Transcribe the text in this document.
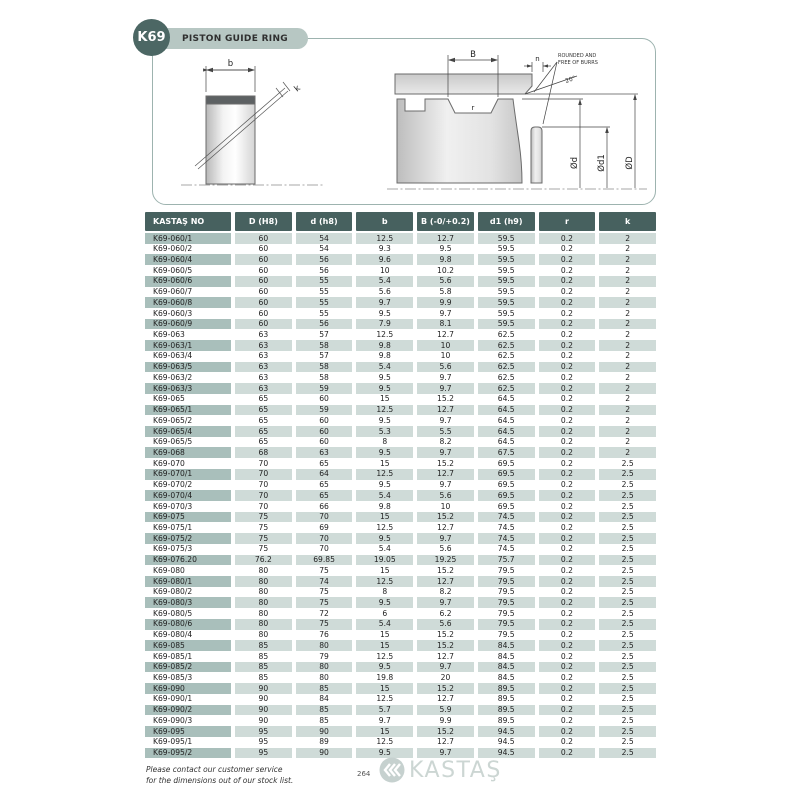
b
k
20°
r
B	n	ROUNDED AND
FREE OF BURRS
Ød Ød1 ØD
PISTON GUIDE RING
K69
KASTAŞ NO	D (H8)	d (h8)	b	B (-0/+0.2)	d1 (h9)	r	k
K69-060/1	60	54	12.5	12.7	59.5	0.2	2
K69-060/2	60	54	9.3	9.5	59.5	0.2	2
K69-060/4	60	56	9.6	9.8	59.5	0.2	2
K69-060/5	60	56	10	10.2	59.5	0.2	2
K69-060/6	60	55	5.4	5.6	59.5	0.2	2
K69-060/7	60	55	5.6	5.8	59.5	0.2	2
K69-060/8	60	55	9.7	9.9	59.5	0.2	2
K69-060/3	60	55	9.5	9.7	59.5	0.2	2
K69-060/9	60	56	7.9	8.1	59.5	0.2	2
K69-063	63	57	12.5	12.7	62.5	0.2	2
K69-063/1	63	58	9.8	10	62.5	0.2	2
K69-063/4	63	57	9.8	10	62.5	0.2	2
K69-063/5	63	58	5.4	5.6	62.5	0.2	2
K69-063/2	63	58	9.5	9.7	62.5	0.2	2
K69-063/3	63	59	9.5	9.7	62.5	0.2	2
K69-065	65	60	15	15.2	64.5	0.2	2
K69-065/1	65	59	12.5	12.7	64.5	0.2	2
K69-065/2	65	60	9.5	9.7	64.5	0.2	2
K69-065/4	65	60	5.3	5.5	64.5	0.2	2
K69-065/5	65	60	8	8.2	64.5	0.2	2
K69-068	68	63	9.5	9.7	67.5	0.2	2
K69-070	70	65	15	15.2	69.5	0.2	2.5
K69-070/1	70	64	12.5	12.7	69.5	0.2	2.5
K69-070/2	70	65	9.5	9.7	69.5	0.2	2.5
K69-070/4	70	65	5.4	5.6	69.5	0.2	2.5
K69-070/3	70	66	9.8	10	69.5	0.2	2.5
K69-075	75	70	15	15.2	74.5	0.2	2.5
K69-075/1	75	69	12.5	12.7	74.5	0.2	2.5
K69-075/2	75	70	9.5	9.7	74.5	0.2	2.5
K69-075/3	75	70	5.4	5.6	74.5	0.2	2.5
K69-076.20	76.2	69.85	19.05	19.25	75.7	0.2	2.5
K69-080	80	75	15	15.2	79.5	0.2	2.5
K69-080/1	80	74	12.5	12.7	79.5	0.2	2.5
K69-080/2	80	75	8	8.2	79.5	0.2	2.5
K69-080/3	80	75	9.5	9.7	79.5	0.2	2.5
K69-080/5	80	72	6	6.2	79.5	0.2	2.5
K69-080/6	80	75	5.4	5.6	79.5	0.2	2.5
K69-080/4	80	76	15	15.2	79.5	0.2	2.5
K69-085	85	80	15	15.2	84.5	0.2	2.5
K69-085/1	85	79	12.5	12.7	84.5	0.2	2.5
K69-085/2	85	80	9.5	9.7	84.5	0.2	2.5
K69-085/3	85	80	19.8	20	84.5	0.2	2.5
K69-090	90	85	15	15.2	89.5	0.2	2.5
K69-090/1	90	84	12.5	12.7	89.5	0.2	2.5
K69-090/2	90	85	5.7	5.9	89.5	0.2	2.5
K69-090/3	90	85	9.7	9.9	89.5	0.2	2.5
K69-095	95	90	15	15.2	94.5	0.2	2.5
K69-095/1	95	89	12.5	12.7	94.5	0.2	2.5
K69-095/2	95	90	9.5	9.7	94.5	0.2	2.5
Please contact our customer service
for the dimensions out of our stock list.
264 KASTAŞ
